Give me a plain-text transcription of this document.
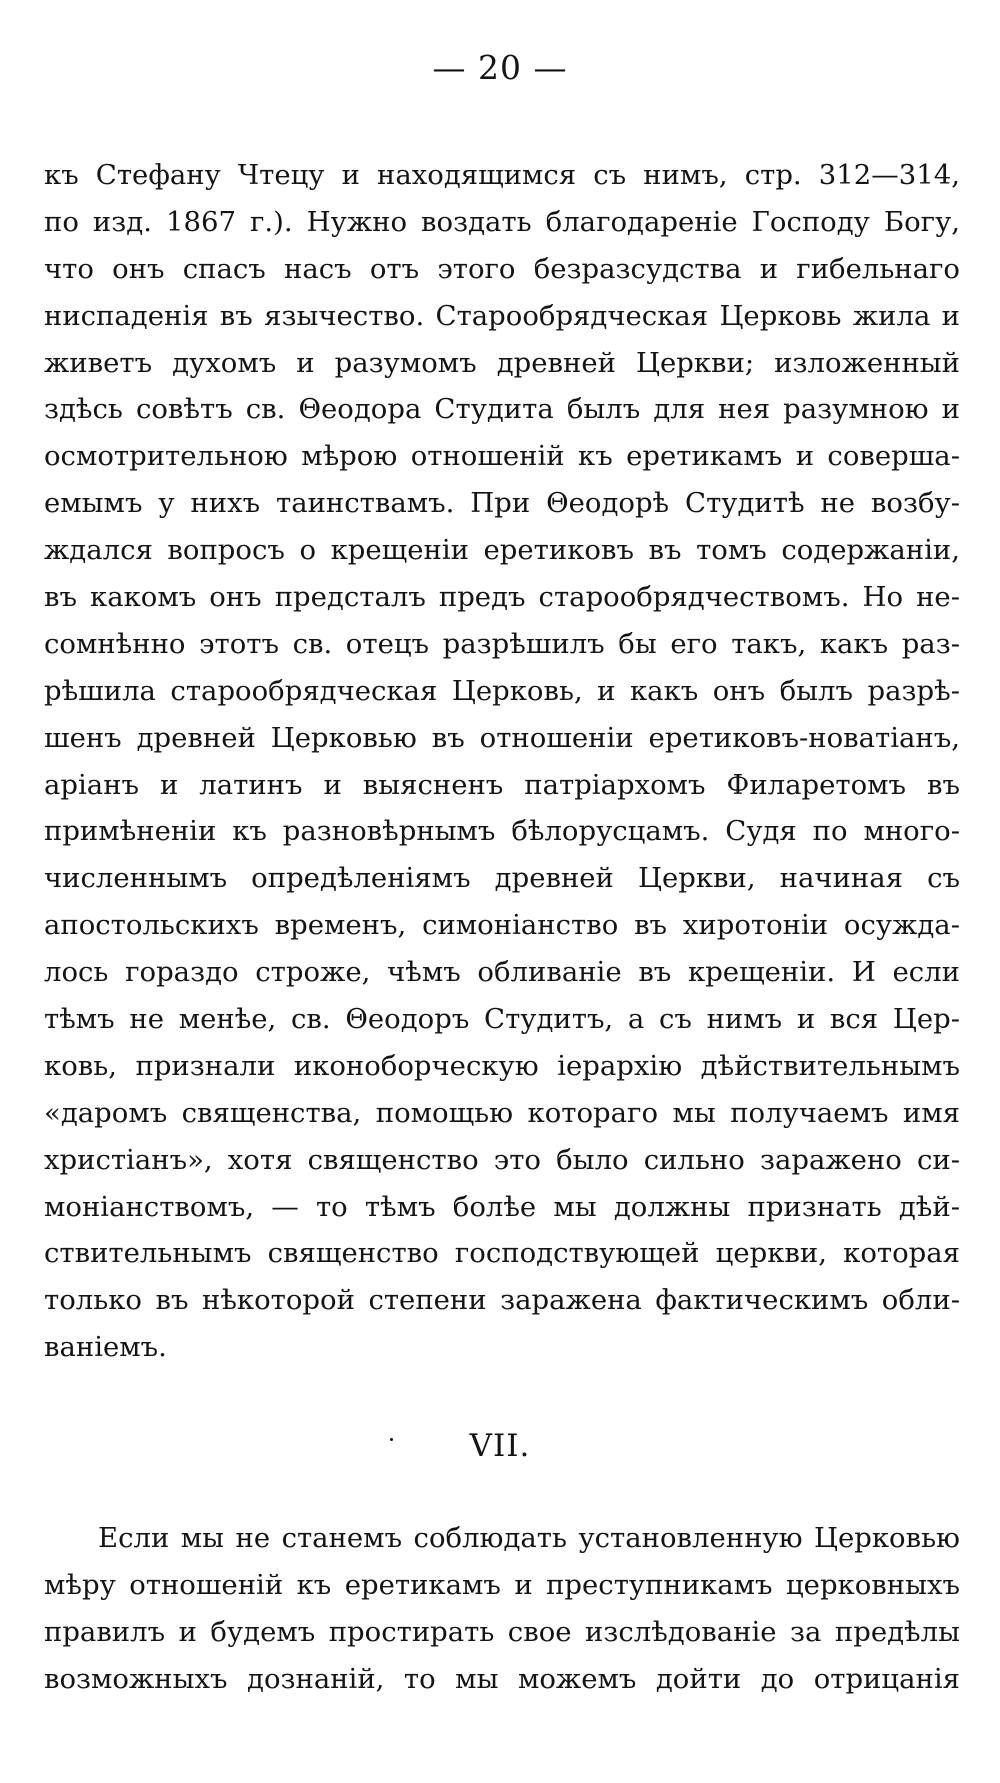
— 20 —
къ Стефану Чтецу и находящимся съ нимъ, стр. 312—314,
по изд. 1867 г.). Нужно воздать благодареніе Господу Богу,
что онъ спасъ насъ отъ этого безразсудства и гибельнаго
ниспаденія въ язычество. Старообрядческая Церковь жила и
живетъ духомъ и разумомъ древней Церкви; изложенный
здѣсь совѣтъ св. Θеодора Студита былъ для нея разумною и
осмотрительною мѣрою отношеній къ еретикамъ и соверша-
емымъ у нихъ таинствамъ. При Θеодорѣ Студитѣ не возбу-
ждался вопросъ о крещеніи еретиковъ въ томъ содержаніи,
въ какомъ онъ предсталъ предъ старообрядчествомъ. Но не-
сомнѣнно этотъ св. отецъ разрѣшилъ бы его такъ, какъ раз-
рѣшила старообрядческая Церковь, и какъ онъ былъ разрѣ-
шенъ древней Церковью въ отношеніи еретиковъ-новатіанъ,
аріанъ и латинъ и выясненъ патріархомъ Филаретомъ въ
примѣненіи къ разновѣрнымъ бѣлорусцамъ. Судя по много-
численнымъ опредѣленіямъ древней Церкви, начиная съ
апостольскихъ временъ, симоніанство въ хиротоніи осужда-
лось гораздо строже, чѣмъ обливаніе въ крещеніи. И если
тѣмъ не менѣе, св. Θеодоръ Студитъ, а съ нимъ и вся Цер-
ковь, признали иконоборческую іерархію дѣйствительнымъ
«даромъ священства, помощью котораго мы получаемъ имя
христіанъ», хотя священство это было сильно заражено си-
моніанствомъ, — то тѣмъ болѣе мы должны признать дѣй-
ствительнымъ священство господствующей церкви, которая
только въ нѣкоторой степени заражена фактическимъ обли-
ваніемъ.
VII.
Если мы не станемъ соблюдать установленную Церковью
мѣру отношеній къ еретикамъ и преступникамъ церковныхъ
правилъ и будемъ простирать свое изслѣдованіе за предѣлы
возможныхъ дознаній, то мы можемъ дойти до отрицанія
